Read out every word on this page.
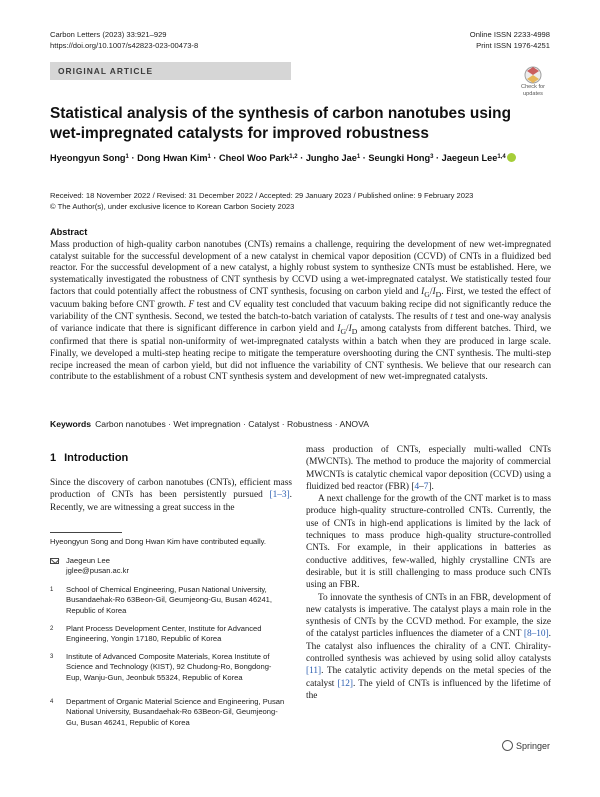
Carbon Letters (2023) 33:921–929
https://doi.org/10.1007/s42823-023-00473-8
Online ISSN 2233-4998
Print ISSN 1976-4251
ORIGINAL ARTICLE
Check for
updates
Statistical analysis of the synthesis of carbon nanotubes using
wet-impregnated catalysts for improved robustness
Hyeongyun Song$^1$ · Dong Hwan Kim$^1$ · Cheol Woo Park$^{1,2}$ · Jungho Jae$^1$ · Seungki Hong$^3$ · Jaegeun Lee$^{1,4}$
Received: 18 November 2022 / Revised: 31 December 2022 / Accepted: 29 January 2023 / Published online: 9 February 2023
© The Author(s), under exclusive licence to Korean Carbon Society 2023
Abstract
Mass production of high-quality carbon nanotubes (CNTs) remains a challenge, requiring the development of new wet-impregnated catalyst suitable for the successful development of a new catalyst in chemical vapor deposition (CCVD) of CNTs in a fluidized bed reactor. For the successful development of a new catalyst, a highly robust system to synthesize CNTs must be established. Here, we systematically investigated the robustness of CNT synthesis by CCVD using a wet-impregnated catalyst. We statistically tested four factors that could potentially affect the robustness of CNT synthesis, focusing on carbon yield and $I_G/I_D$. First, we tested the effect of vacuum baking before CNT growth. F test and CV equality test concluded that vacuum baking recipe did not significantly reduce the variability of the CNT synthesis. Second, we tested the batch-to-batch variation of catalysts. The results of t test and one-way analysis of variance indicate that there is significant difference in carbon yield and $I_G/I_D$ among catalysts from different batches. Third, we confirmed that there is spatial non-uniformity of wet-impregnated catalysts within a batch when they are produced in large scale. Finally, we developed a multi-step heating recipe to mitigate the temperature overshooting during the CNT synthesis. The multi-step recipe increased the mean of carbon yield, but did not influence the variability of CNT synthesis. We believe that our research can contribute to the establishment of a robust CNT synthesis system and development of new wet-impregnated catalysts.
Keywords Carbon nanotubes · Wet impregnation · Catalyst · Robustness · ANOVA
1 Introduction

Since the discovery of carbon nanotubes (CNTs), efficient mass production of CNTs has been persistently pursued [1–3]. Recently, we are witnessing a great success in the

mass production of CNTs, especially multi-walled CNTs (MWCNTs). The method to produce the majority of commercial MWCNTs is catalytic chemical vapor deposition (CCVD) using a fluidized bed reactor (FBR) [4–7].

A next challenge for the growth of the CNT market is to mass produce high-quality structure-controlled CNTs. Currently, the use of CNTs in high-end applications is limited by the lack of techniques to mass produce high-quality structure-controlled CNTs. For example, in their applications in batteries as conductive additives, few-walled, highly crystalline CNTs are desirable, but it is still challenging to mass produce such CNTs using an FBR.

To innovate the synthesis of CNTs in an FBR, development of new catalysts is imperative. The catalyst plays a main role in the synthesis of CNTs by the CCVD method. For example, the size of the catalyst particles influences the diameter of a CNT [8–10]. The catalyst also influences the chirality of a CNT. Chirality-controlled synthesis was achieved by using solid alloy catalysts [11]. The catalytic activity depends on the metal species of the catalyst [12]. The yield of CNTs is influenced by the lifetime of the

Hyeongyun Song and Dong Hwan Kim have contributed equally.
Jaegeun Lee
jglee@pusan.ac.kr
1 School of Chemical Engineering, Pusan National University, Busandaehak-Ro 63Beon-Gil, Geumjeong-Gu, Busan 46241, Republic of Korea
2 Plant Process Development Center, Institute for Advanced Engineering, Yongin 17180, Republic of Korea
3 Institute of Advanced Composite Materials, Korea Institute of Science and Technology (KIST), 92 Chudong-Ro, Bongdong-Eup, Wanju-Gun, Jeonbuk 55324, Republic of Korea
4 Department of Organic Material Science and Engineering, Pusan National University, Busandaehak-Ro 63Beon-Gil, Geumjeong-Gu, Busan 46241, Republic of Korea
Springer
